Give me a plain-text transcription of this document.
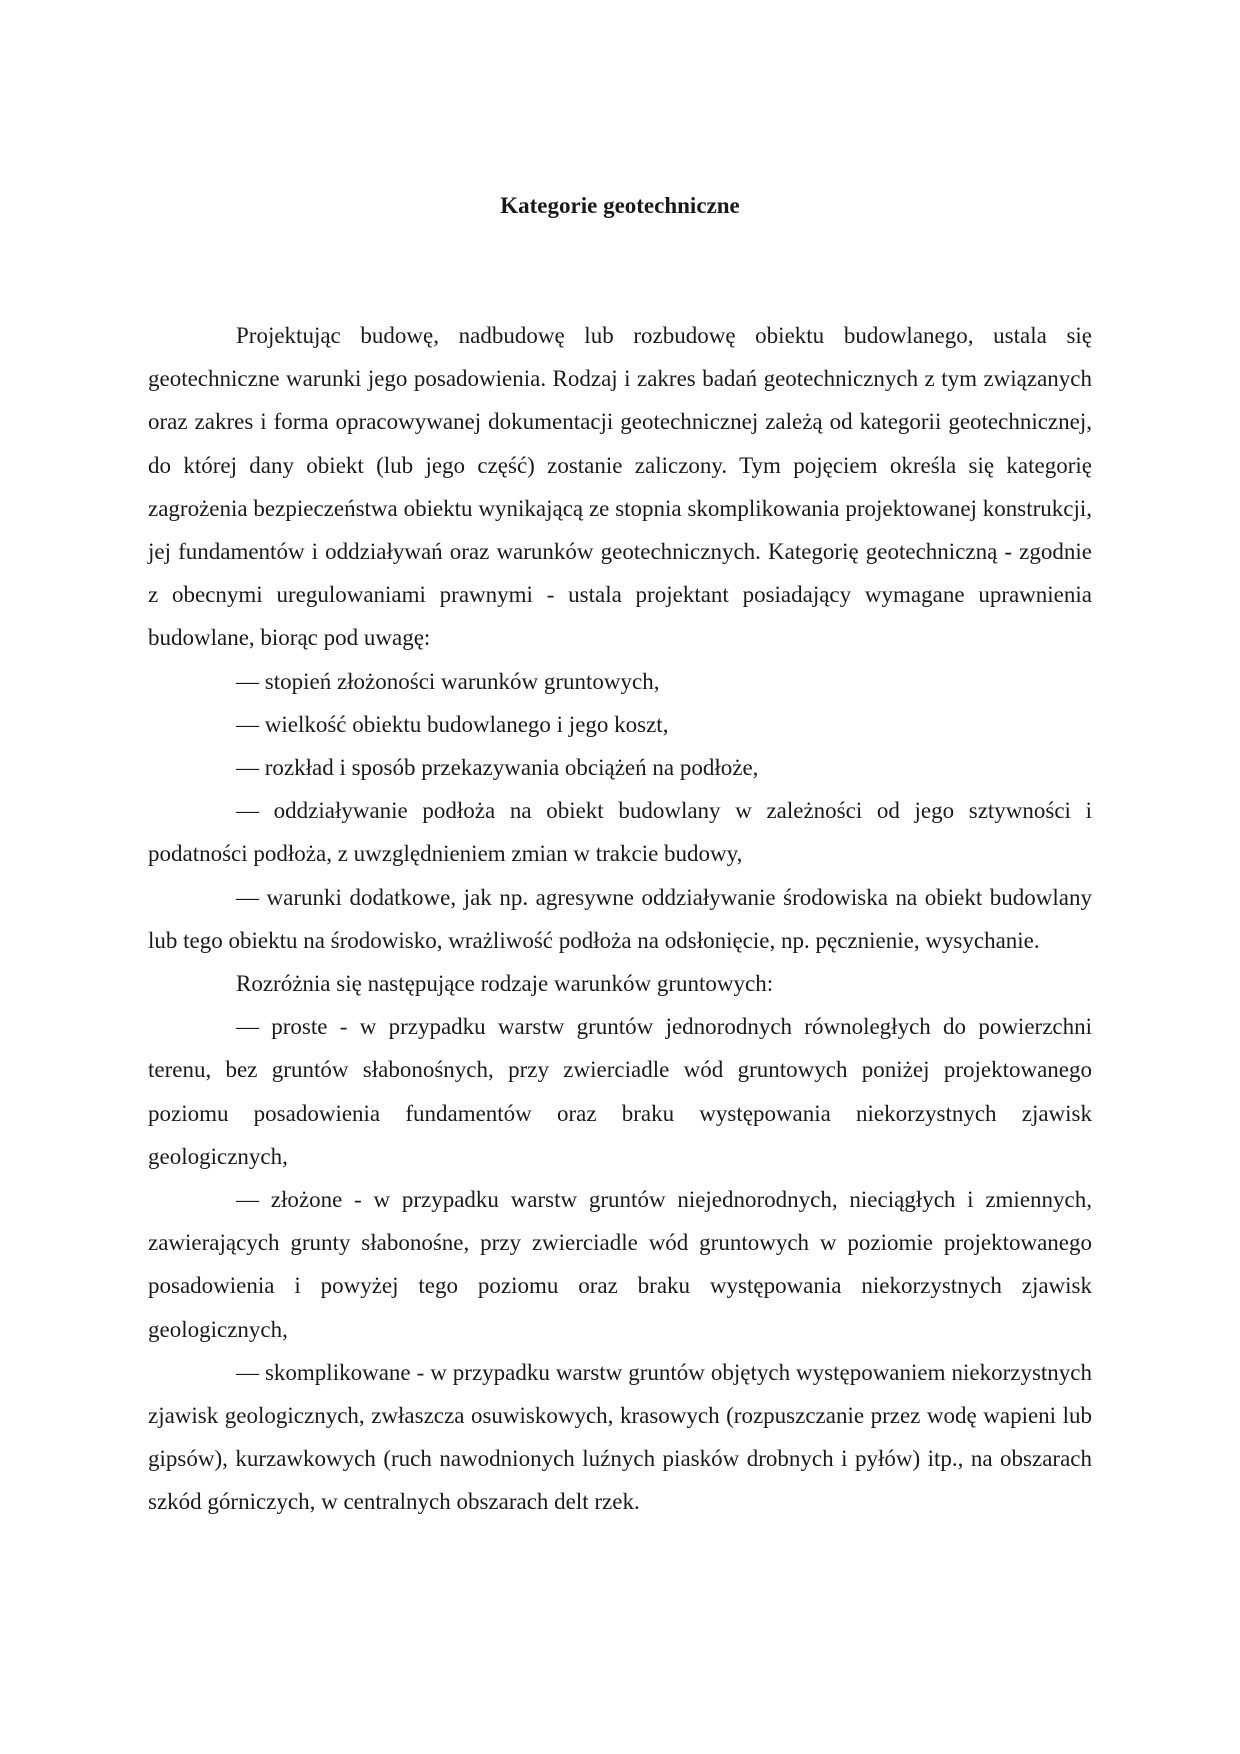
Kategorie geotechniczne

Projektując budowę, nadbudowę lub rozbudowę obiektu budowlanego, ustala się geotechniczne warunki jego posadowienia. Rodzaj i zakres badań geotechnicznych z tym związanych oraz zakres i forma opracowywanej dokumentacji geotechnicznej zależą od kategorii geotechnicznej, do której dany obiekt (lub jego część) zostanie zaliczony. Tym pojęciem określa się kategorię zagrożenia bezpieczeństwa obiektu wynikającą ze stopnia skomplikowania projektowanej konstrukcji, jej fundamentów i oddziaływań oraz warunków geotechnicznych. Kategorię geotechniczną - zgodnie z obecnymi uregulowaniami prawnymi - ustala projektant posiadający wymagane uprawnienia budowlane, biorąc pod uwagę:

— stopień złożoności warunków gruntowych,

— wielkość obiektu budowlanego i jego koszt,

— rozkład i sposób przekazywania obciążeń na podłoże,

— oddziaływanie podłoża na obiekt budowlany w zależności od jego sztywności i podatności podłoża, z uwzględnieniem zmian w trakcie budowy,

— warunki dodatkowe, jak np. agresywne oddziaływanie środowiska na obiekt budowlany lub tego obiektu na środowisko, wrażliwość podłoża na odsłonięcie, np. pęcznienie, wysychanie.

Rozróżnia się następujące rodzaje warunków gruntowych:

— proste - w przypadku warstw gruntów jednorodnych równoległych do powierzchni terenu, bez gruntów słabonośnych, przy zwierciadle wód gruntowych poniżej projektowanego poziomu posadowienia fundamentów oraz braku występowania niekorzystnych zjawisk geologicznych,

— złożone - w przypadku warstw gruntów niejednorodnych, nieciągłych i zmiennych, zawierających grunty słabonośne, przy zwierciadle wód gruntowych w poziomie projektowanego posadowienia i powyżej tego poziomu oraz braku występowania niekorzystnych zjawisk geologicznych,

— skomplikowane - w przypadku warstw gruntów objętych występowaniem niekorzystnych zjawisk geologicznych, zwłaszcza osuwiskowych, krasowych (rozpuszczanie przez wodę wapieni lub gipsów), kurzawkowych (ruch nawodnionych luźnych piasków drobnych i pyłów) itp., na obszarach szkód górniczych, w centralnych obszarach delt rzek.
